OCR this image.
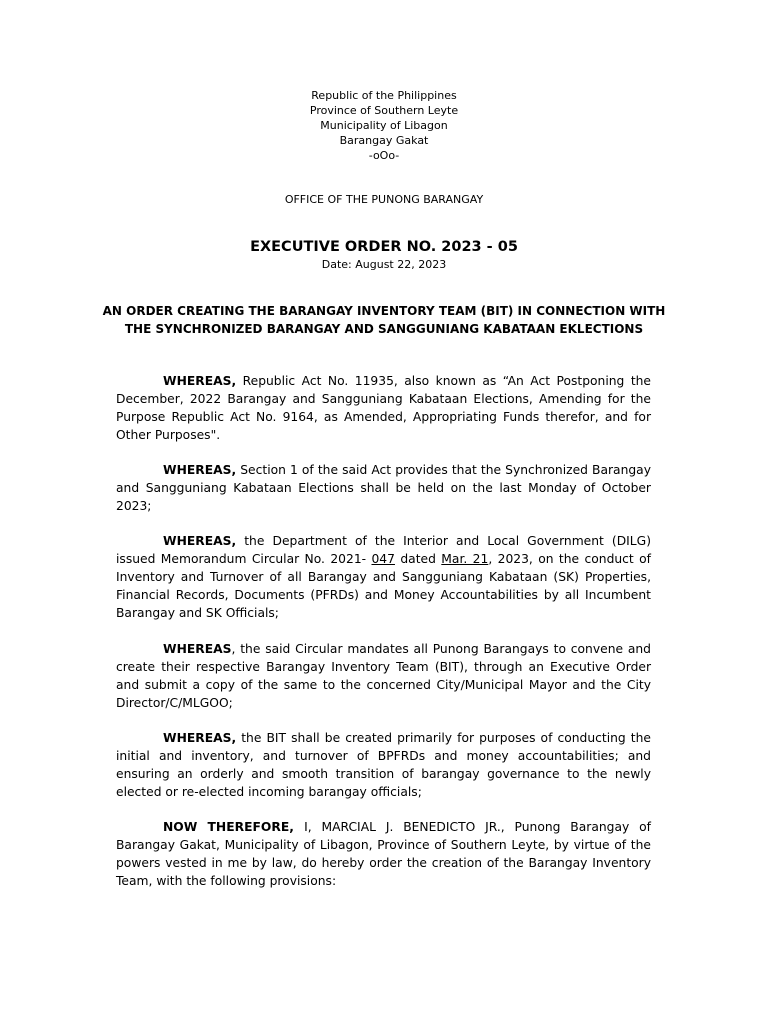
Republic of the Philippines
Province of Southern Leyte
Municipality of Libagon
Barangay Gakat
-oOo-
OFFICE OF THE PUNONG BARANGAY
EXECUTIVE ORDER NO. 2023 - 05
Date: August 22, 2023
AN ORDER CREATING THE BARANGAY INVENTORY TEAM (BIT) IN CONNECTION WITH THE SYNCHRONIZED BARANGAY AND SANGGUNIANG KABATAAN EKLECTIONS

WHEREAS, Republic Act No. 11935, also known as “An Act Postponing the December, 2022 Barangay and Sangguniang Kabataan Elections, Amending for the Purpose Republic Act No. 9164, as Amended, Appropriating Funds therefor, and for Other Purposes".

WHEREAS, Section 1 of the said Act provides that the Synchronized Barangay and Sangguniang Kabataan Elections shall be held on the last Monday of October 2023;

WHEREAS, the Department of the Interior and Local Government (DILG) issued Memorandum Circular No. 2021- 047 dated Mar. 21, 2023, on the conduct of Inventory and Turnover of all Barangay and Sangguniang Kabataan (SK) Properties, Financial Records, Documents (PFRDs) and Money Accountabilities by all Incumbent Barangay and SK Officials;

WHEREAS, the said Circular mandates all Punong Barangays to convene and create their respective Barangay Inventory Team (BIT), through an Executive Order and submit a copy of the same to the concerned City/Municipal Mayor and the City Director/C/MLGOO;

WHEREAS, the BIT shall be created primarily for purposes of conducting the initial and inventory, and turnover of BPFRDs and money accountabilities; and ensuring an orderly and smooth transition of barangay governance to the newly elected or re-elected incoming barangay officials;

NOW THEREFORE, I, MARCIAL J. BENEDICTO JR., Punong Barangay of Barangay Gakat, Municipality of Libagon, Province of Southern Leyte, by virtue of the powers vested in me by law, do hereby order the creation of the Barangay Inventory Team, with the following provisions:
